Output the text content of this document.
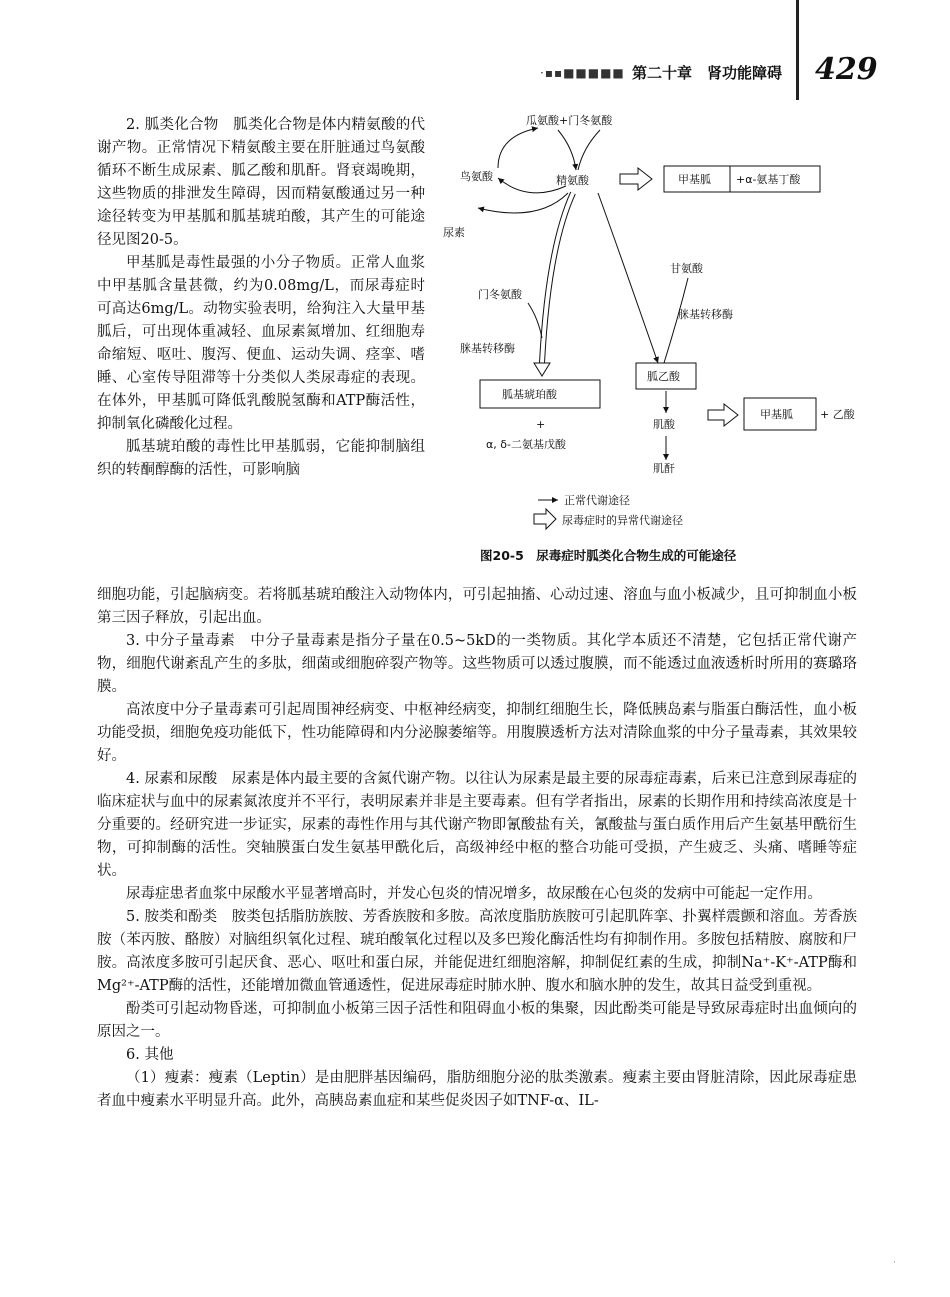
·▪▪■■■■■ 第二十章　肾功能障碍 429

2. 胍类化合物　胍类化合物是体内精氨酸的代谢产物。正常情况下精氨酸主要在肝脏通过鸟氨酸循环不断生成尿素、胍乙酸和肌酐。肾衰竭晚期，这些物质的排泄发生障碍，因而精氨酸通过另一种途径转变为甲基胍和胍基琥珀酸，其产生的可能途径见图20-5。

甲基胍是毒性最强的小分子物质。正常人血浆中甲基胍含量甚微，约为0.08mg/L，而尿毒症时可高达6mg/L。动物实验表明，给狗注入大量甲基胍后，可出现体重减轻、血尿素氮增加、红细胞寿命缩短、呕吐、腹泻、便血、运动失调、痉挛、嗜睡、心室传导阻滞等十分类似人类尿毒症的表现。在体外，甲基胍可降低乳酸脱氢酶和ATP酶活性，抑制氧化磷酸化过程。

胍基琥珀酸的毒性比甲基胍弱，它能抑制脑组织的转酮醇酶的活性，可影响脑

瓜氨酸+门冬氨酸
鸟氨酸	精氨酸
尿素
甲基胍 +α-氨基丁酸
甘氨酸
脒基转移酶
门冬氨酸
脒基转移酶
胍基琥珀酸
+
α, δ-二氨基戊酸
胍乙酸
肌酸
肌酐
甲基胍 + 乙酸
正常代谢途径
尿毒症时的异常代谢途径
图20-5　尿毒症时胍类化合物生成的可能途径

细胞功能，引起脑病变。若将胍基琥珀酸注入动物体内，可引起抽搐、心动过速、溶血与血小板减少，且可抑制血小板第三因子释放，引起出血。

3. 中分子量毒素　中分子量毒素是指分子量在0.5~5kD的一类物质。其化学本质还不清楚，它包括正常代谢产物，细胞代谢紊乱产生的多肽，细菌或细胞碎裂产物等。这些物质可以透过腹膜，而不能透过血液透析时所用的赛璐珞膜。

高浓度中分子量毒素可引起周围神经病变、中枢神经病变，抑制红细胞生长，降低胰岛素与脂蛋白酶活性，血小板功能受损，细胞免疫功能低下，性功能障碍和内分泌腺萎缩等。用腹膜透析方法对清除血浆的中分子量毒素，其效果较好。

4. 尿素和尿酸　尿素是体内最主要的含氮代谢产物。以往认为尿素是最主要的尿毒症毒素，后来已注意到尿毒症的临床症状与血中的尿素氮浓度并不平行，表明尿素并非是主要毒素。但有学者指出，尿素的长期作用和持续高浓度是十分重要的。经研究进一步证实，尿素的毒性作用与其代谢产物即氰酸盐有关，氰酸盐与蛋白质作用后产生氨基甲酰衍生物，可抑制酶的活性。突轴膜蛋白发生氨基甲酰化后，高级神经中枢的整合功能可受损，产生疲乏、头痛、嗜睡等症状。

尿毒症患者血浆中尿酸水平显著增高时，并发心包炎的情况增多，故尿酸在心包炎的发病中可能起一定作用。

5. 胺类和酚类　胺类包括脂肪族胺、芳香族胺和多胺。高浓度脂肪族胺可引起肌阵挛、扑翼样震颤和溶血。芳香族胺（苯丙胺、酪胺）对脑组织氧化过程、琥珀酸氧化过程以及多巴羧化酶活性均有抑制作用。多胺包括精胺、腐胺和尸胺。高浓度多胺可引起厌食、恶心、呕吐和蛋白尿，并能促进红细胞溶解，抑制促红素的生成，抑制Na⁺-K⁺-ATP酶和Mg²⁺-ATP酶的活性，还能增加微血管通透性，促进尿毒症时肺水肿、腹水和脑水肿的发生，故其日益受到重视。

酚类可引起动物昏迷，可抑制血小板第三因子活性和阻碍血小板的集聚，因此酚类可能是导致尿毒症时出血倾向的原因之一。

6. 其他

（1）瘦素：瘦素（Leptin）是由肥胖基因编码，脂肪细胞分泌的肽类激素。瘦素主要由肾脏清除，因此尿毒症患者血中瘦素水平明显升高。此外，高胰岛素血症和某些促炎因子如TNF-α、IL-

·
